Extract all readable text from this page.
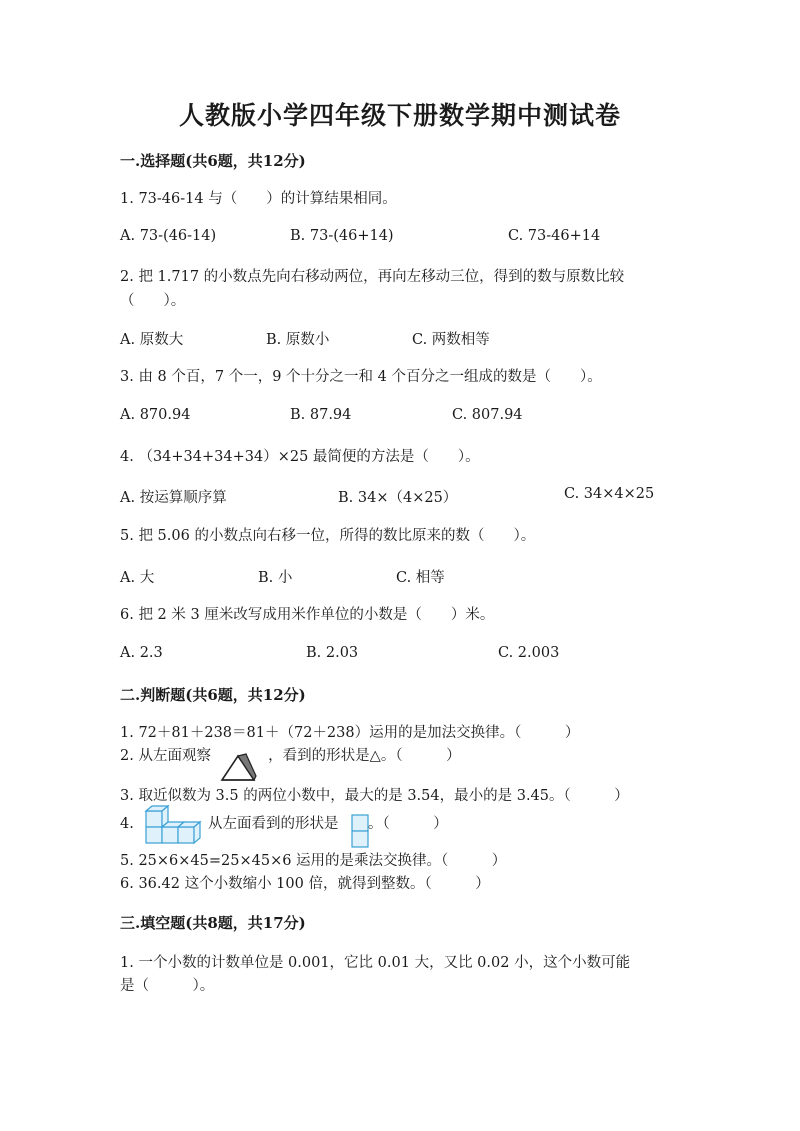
人教版小学四年级下册数学期中测试卷
一.选择题(共6题，共12分)
1. 73-46-14 与（　　）的计算结果相同。
A. 73-(46-14)	B. 73-(46+14)	C. 73-46+14
2. 把 1.717 的小数点先向右移动两位，再向左移动三位，得到的数与原数比较
（　　）。
A. 原数大	B. 原数小	C. 两数相等
3. 由 8 个百，7 个一，9 个十分之一和 4 个百分之一组成的数是（　　）。
A. 870.94	B. 87.94	C. 807.94
4. （34+34+34+34）×25 最简便的方法是（　　）。
A. 按运算顺序算	B. 34×（4×25）	C. 34×4×25
5. 把 5.06 的小数点向右移一位，所得的数比原来的数（　　）。
A. 大	B. 小	C. 相等
6. 把 2 米 3 厘米改写成用米作单位的小数是（　　）米。
A. 2.3	B. 2.03	C. 2.003
二.判断题(共6题，共12分)
1. 72＋81＋238＝81＋（72＋238）运用的是加法交换律。（　　　）
2. 从左面观察	，看到的形状是△。（　　　）
3. 取近似数为 3.5 的两位小数中，最大的是 3.54，最小的是 3.45。（　　　）
4.	从左面看到的形状是 。（　　　）
5. 25×6×45=25×45×6 运用的是乘法交换律。（　　　）
6. 36.42 这个小数缩小 100 倍，就得到整数。（　　　）
三.填空题(共8题，共17分)
1. 一个小数的计数单位是 0.001，它比 0.01 大，又比 0.02 小，这个小数可能
是（　　　）。
